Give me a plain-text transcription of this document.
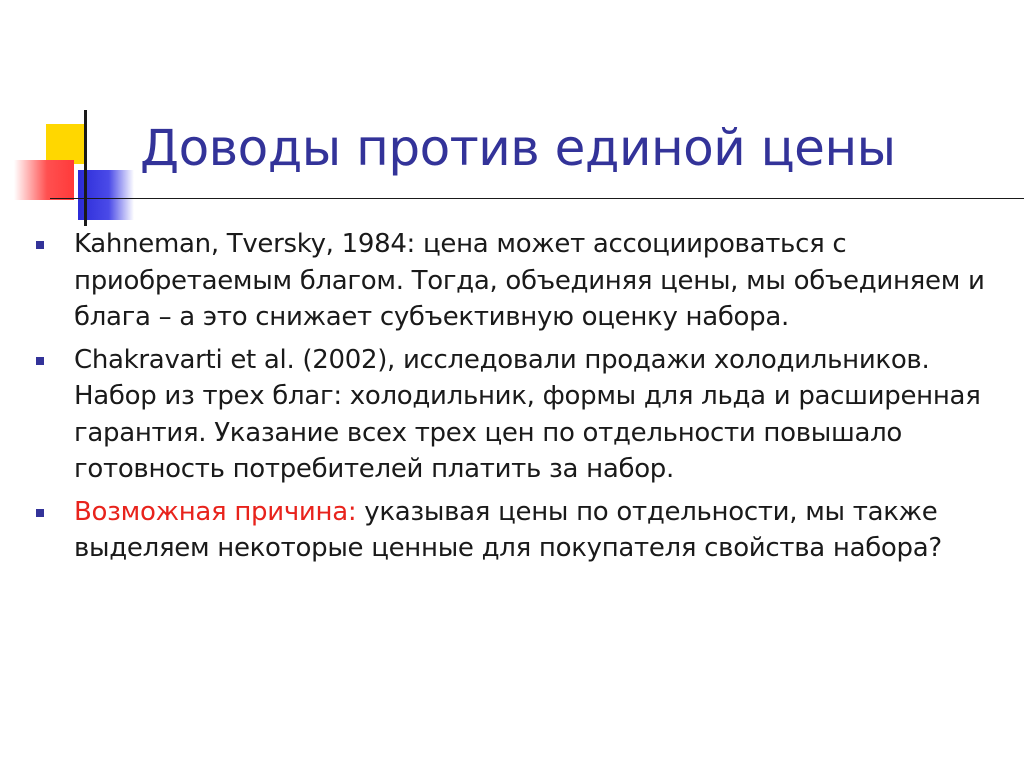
Доводы против единой цены
Kahneman, Tversky, 1984: цена может ассоциироваться с приобретаемым благом. Тогда, объединяя цены, мы объединяем и блага – а это снижает субъективную оценку набора.
Chakravarti et al. (2002), исследовали продажи холодильников. Набор из трех благ: холодильник, формы для льда и расширенная гарантия. Указание всех трех цен по отдельности повышало готовность потребителей платить за набор.
Возможная причина: указывая цены по отдельности, мы также выделяем некоторые ценные для покупателя свойства набора?
